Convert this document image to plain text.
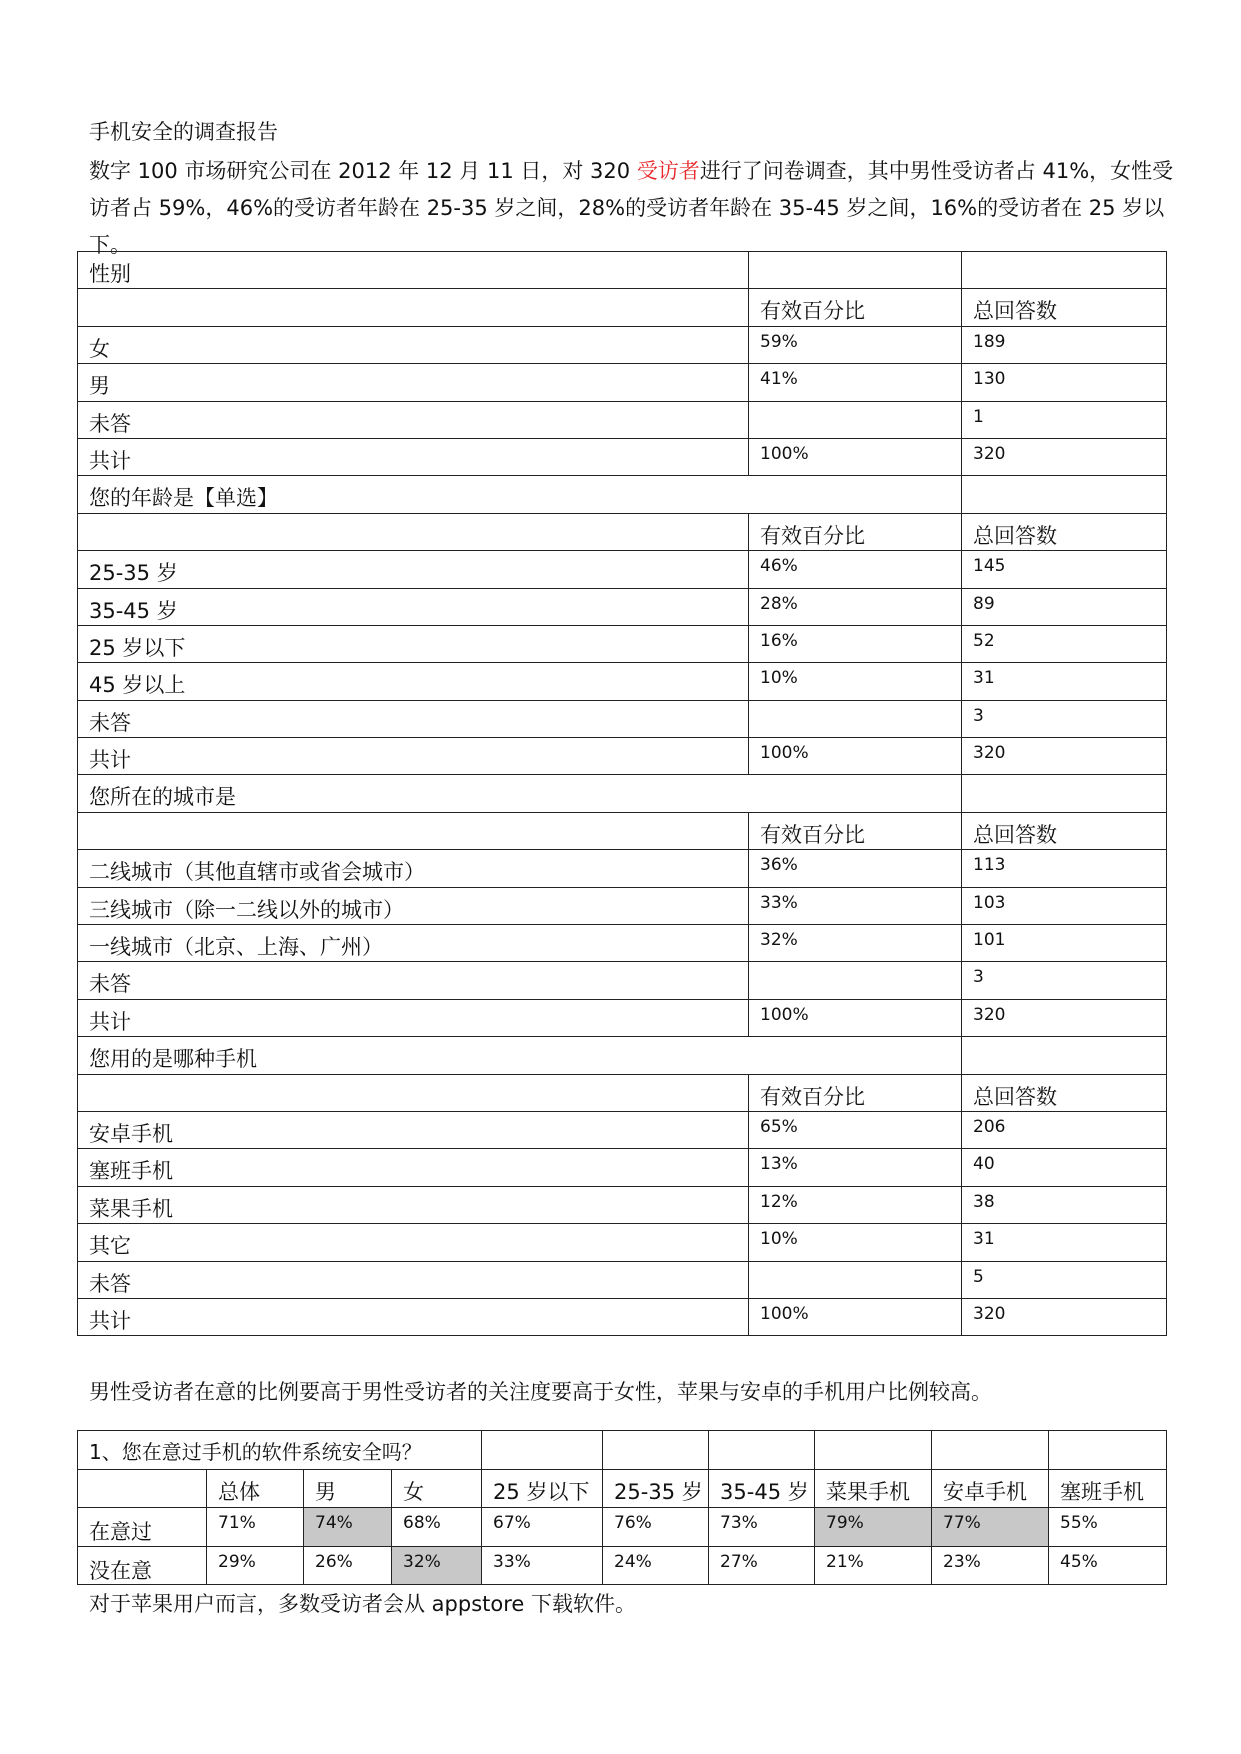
手机安全的调查报告
数字 100 市场研究公司在 2012 年 12 月 11 日，对 320 受访者进行了问卷调查，其中男性受访者占 41%，女性受访者占 59%，46%的受访者年龄在 25-35 岁之间，28%的受访者年龄在 35-45 岁之间，16%的受访者在 25 岁以下。
性别		
	有效百分比	总回答数
女	59%	189
男	41%	130
未答		1
共计	100%	320
您的年龄是【单选】		
	有效百分比	总回答数
25-35 岁	46%	145
35-45 岁	28%	89
25 岁以下	16%	52
45 岁以上	10%	31
未答		3
共计	100%	320
您所在的城市是		
	有效百分比	总回答数
二线城市（其他直辖市或省会城市）	36%	113
三线城市（除一二线以外的城市）	33%	103
一线城市（北京、上海、广州）	32%	101
未答		3
共计	100%	320
您用的是哪种手机		
	有效百分比	总回答数
安卓手机	65%	206
塞班手机	13%	40
菜果手机	12%	38
其它	10%	31
未答		5
共计	100%	320
男性受访者在意的比例要高于男性受访者的关注度要高于女性，苹果与安卓的手机用户比例较高。
1、您在意过手机的软件系统安全吗？									
	总体	男	女	25 岁以下	25-35 岁	35-45 岁	菜果手机	安卓手机	塞班手机
在意过	71%	74%	68%	67%	76%	73%	79%	77%	55%
没在意	29%	26%	32%	33%	24%	27%	21%	23%	45%
对于苹果用户而言，多数受访者会从 appstore 下载软件。
